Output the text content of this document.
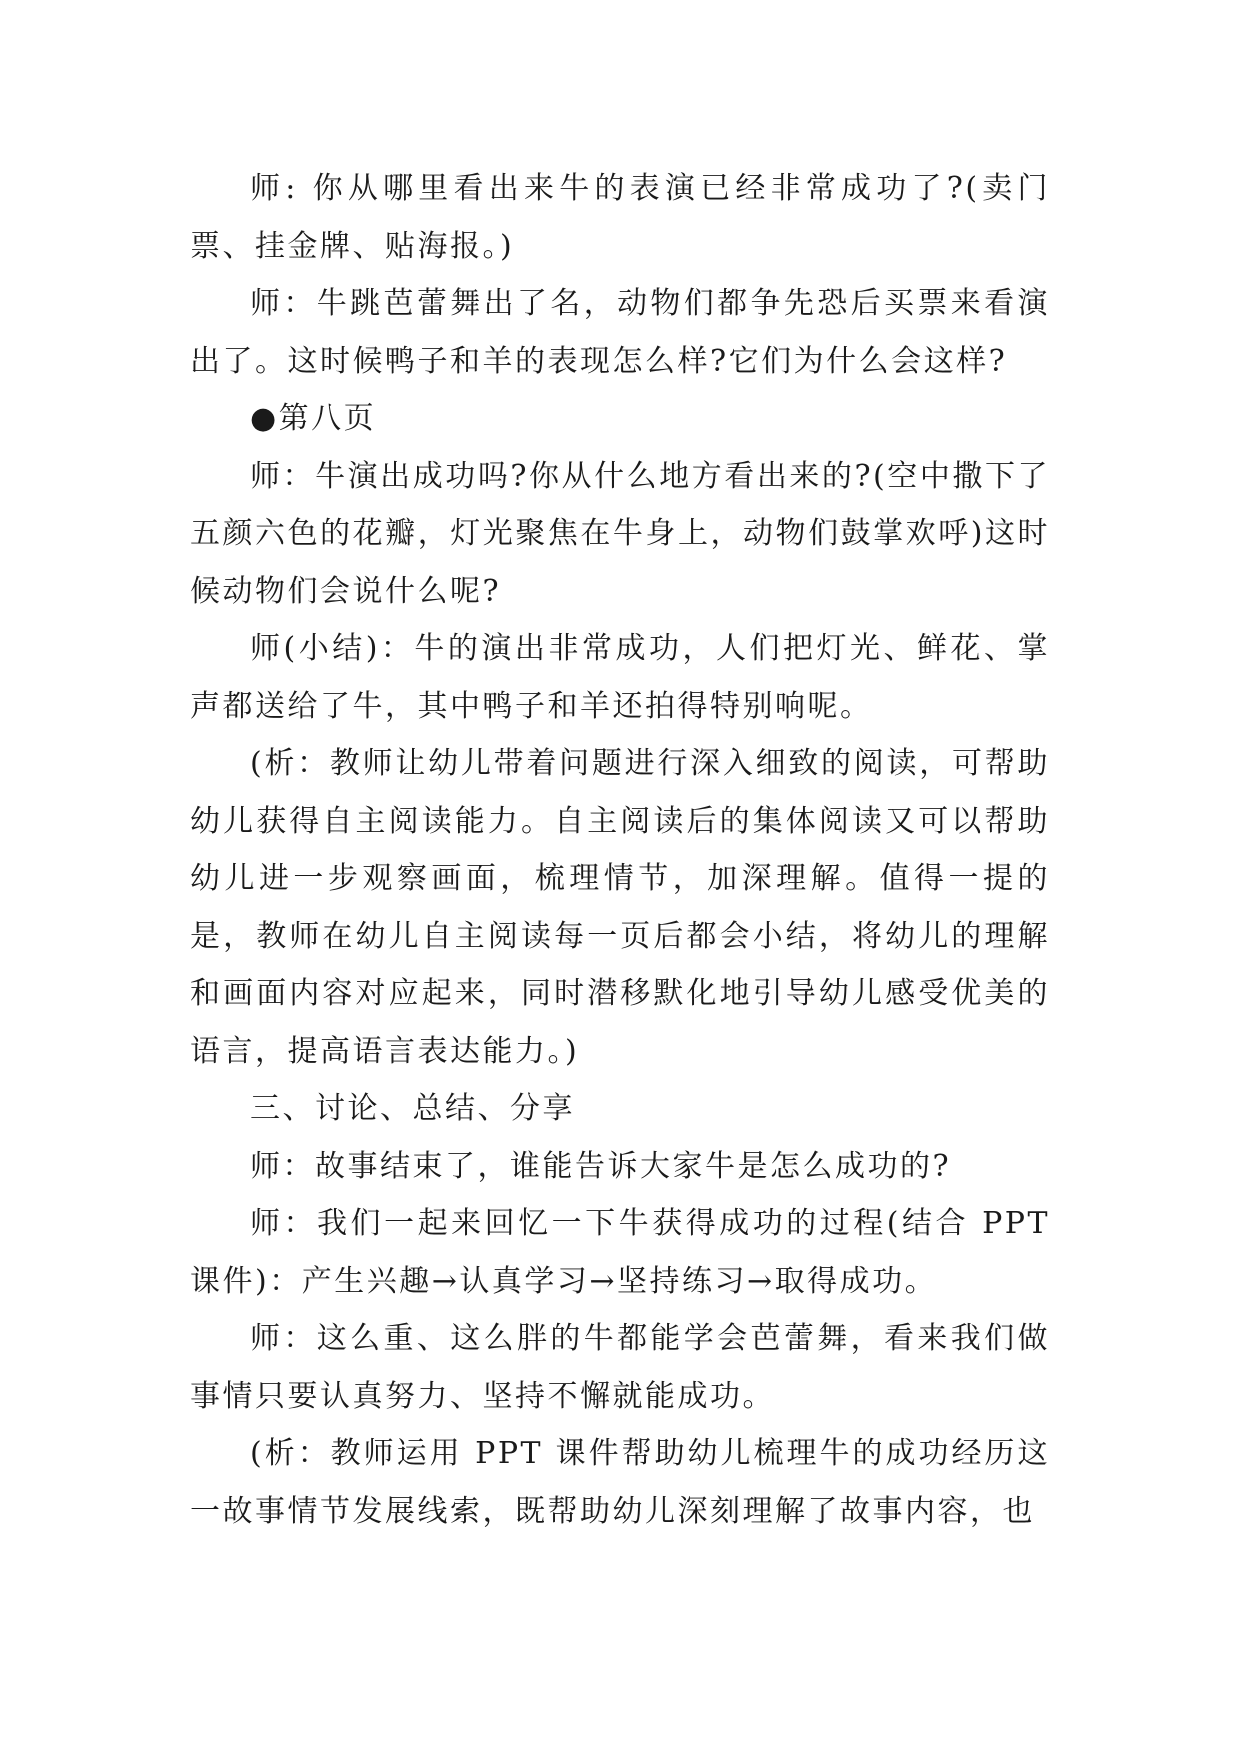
师: 你从哪里看出来牛的表演已经非常成功了?(卖门票、挂金牌、贴海报。)

师：牛跳芭蕾舞出了名，动物们都争先恐后买票来看演出了。这时候鸭子和羊的表现怎么样?它们为什么会这样?

●第八页

师：牛演出成功吗?你从什么地方看出来的?(空中撒下了五颜六色的花瓣，灯光聚焦在牛身上，动物们鼓掌欢呼)这时候动物们会说什么呢?

师(小结)：牛的演出非常成功，人们把灯光、鲜花、掌声都送给了牛，其中鸭子和羊还拍得特别响呢。

(析：教师让幼儿带着问题进行深入细致的阅读，可帮助幼儿获得自主阅读能力。自主阅读后的集体阅读又可以帮助幼儿进一步观察画面，梳理情节，加深理解。值得一提的是，教师在幼儿自主阅读每一页后都会小结，将幼儿的理解和画面内容对应起来，同时潜移默化地引导幼儿感受优美的语言，提高语言表达能力。)

三、讨论、总结、分享

师：故事结束了，谁能告诉大家牛是怎么成功的?

师：我们一起来回忆一下牛获得成功的过程(结合 PPT 课件)：产生兴趣→认真学习→坚持练习→取得成功。

师：这么重、这么胖的牛都能学会芭蕾舞，看来我们做事情只要认真努力、坚持不懈就能成功。

(析：教师运用 PPT 课件帮助幼儿梳理牛的成功经历这一故事情节发展线索，既帮助幼儿深刻理解了故事内容，也
